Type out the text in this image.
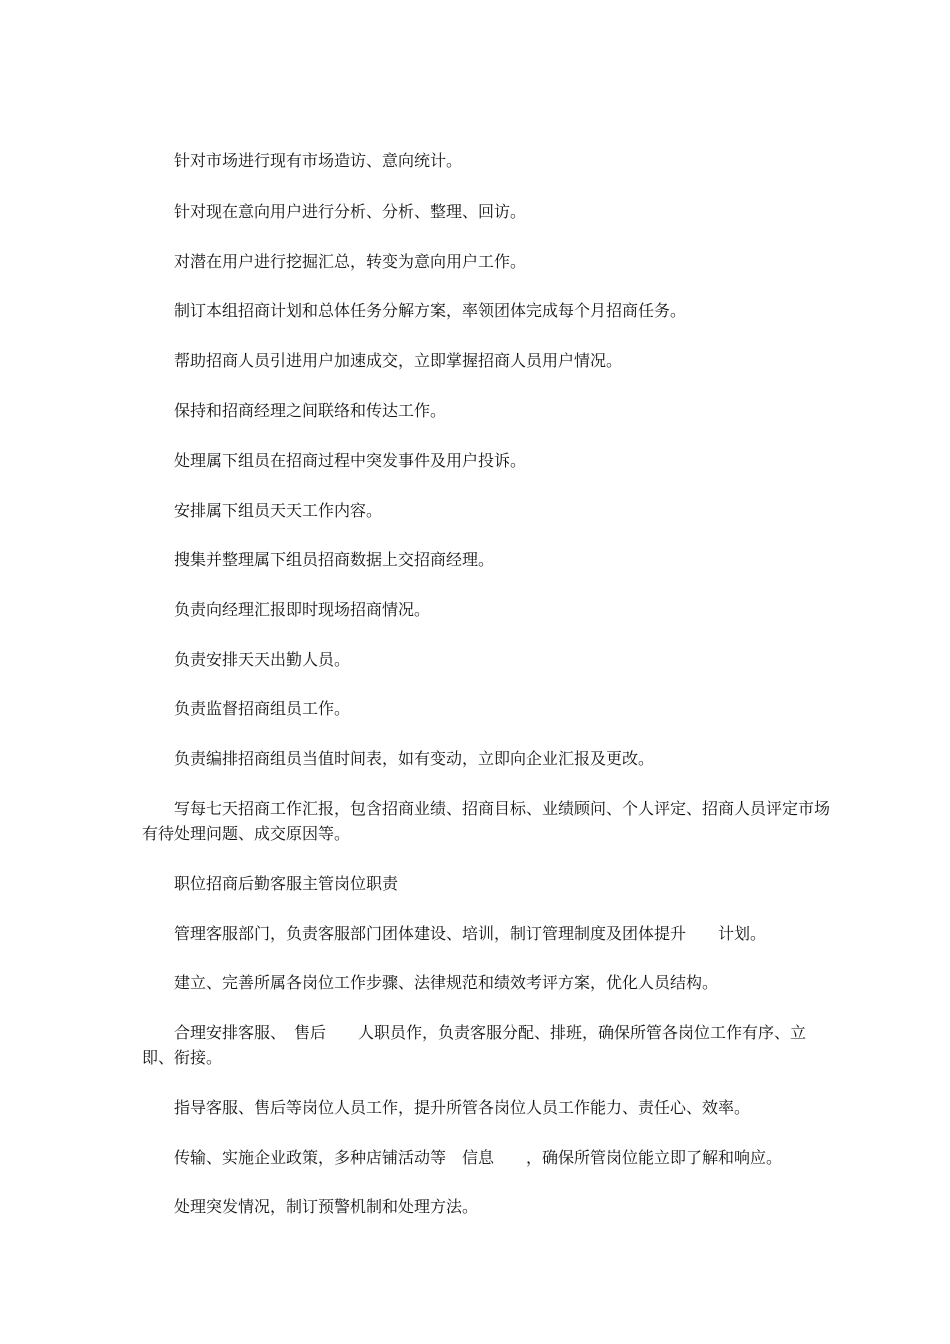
针对市场进行现有市场造访、意向统计。

针对现在意向用户进行分析、分析、整理、回访。

对潜在用户进行挖掘汇总，转变为意向用户工作。

制订本组招商计划和总体任务分解方案，率领团体完成每个月招商任务。

帮助招商人员引进用户加速成交，立即掌握招商人员用户情况。

保持和招商经理之间联络和传达工作。

处理属下组员在招商过程中突发事件及用户投诉。

安排属下组员天天工作内容。

搜集并整理属下组员招商数据上交招商经理。

负责向经理汇报即时现场招商情况。

负责安排天天出勤人员。

负责监督招商组员工作。

负责编排招商组员当值时间表，如有变动，立即向企业汇报及更改。

写每七天招商工作汇报，包含招商业绩、招商目标、业绩顾问、个人评定、招商人员评定市场有待处理问题、成交原因等。

职位招商后勤客服主管岗位职责

管理客服部门，负责客服部门团体建设、培训，制订管理制度及团体提升　　计划。

建立、完善所属各岗位工作步骤、法律规范和绩效考评方案，优化人员结构。

合理安排客服、　售后　　人职员作，负责客服分配、排班，确保所管各岗位工作有序、立即、衔接。

指导客服、售后等岗位人员工作，提升所管各岗位人员工作能力、责任心、效率。

传输、实施企业政策，多种店铺活动等　信息　　，确保所管岗位能立即了解和响应。

处理突发情况，制订预警机制和处理方法。
